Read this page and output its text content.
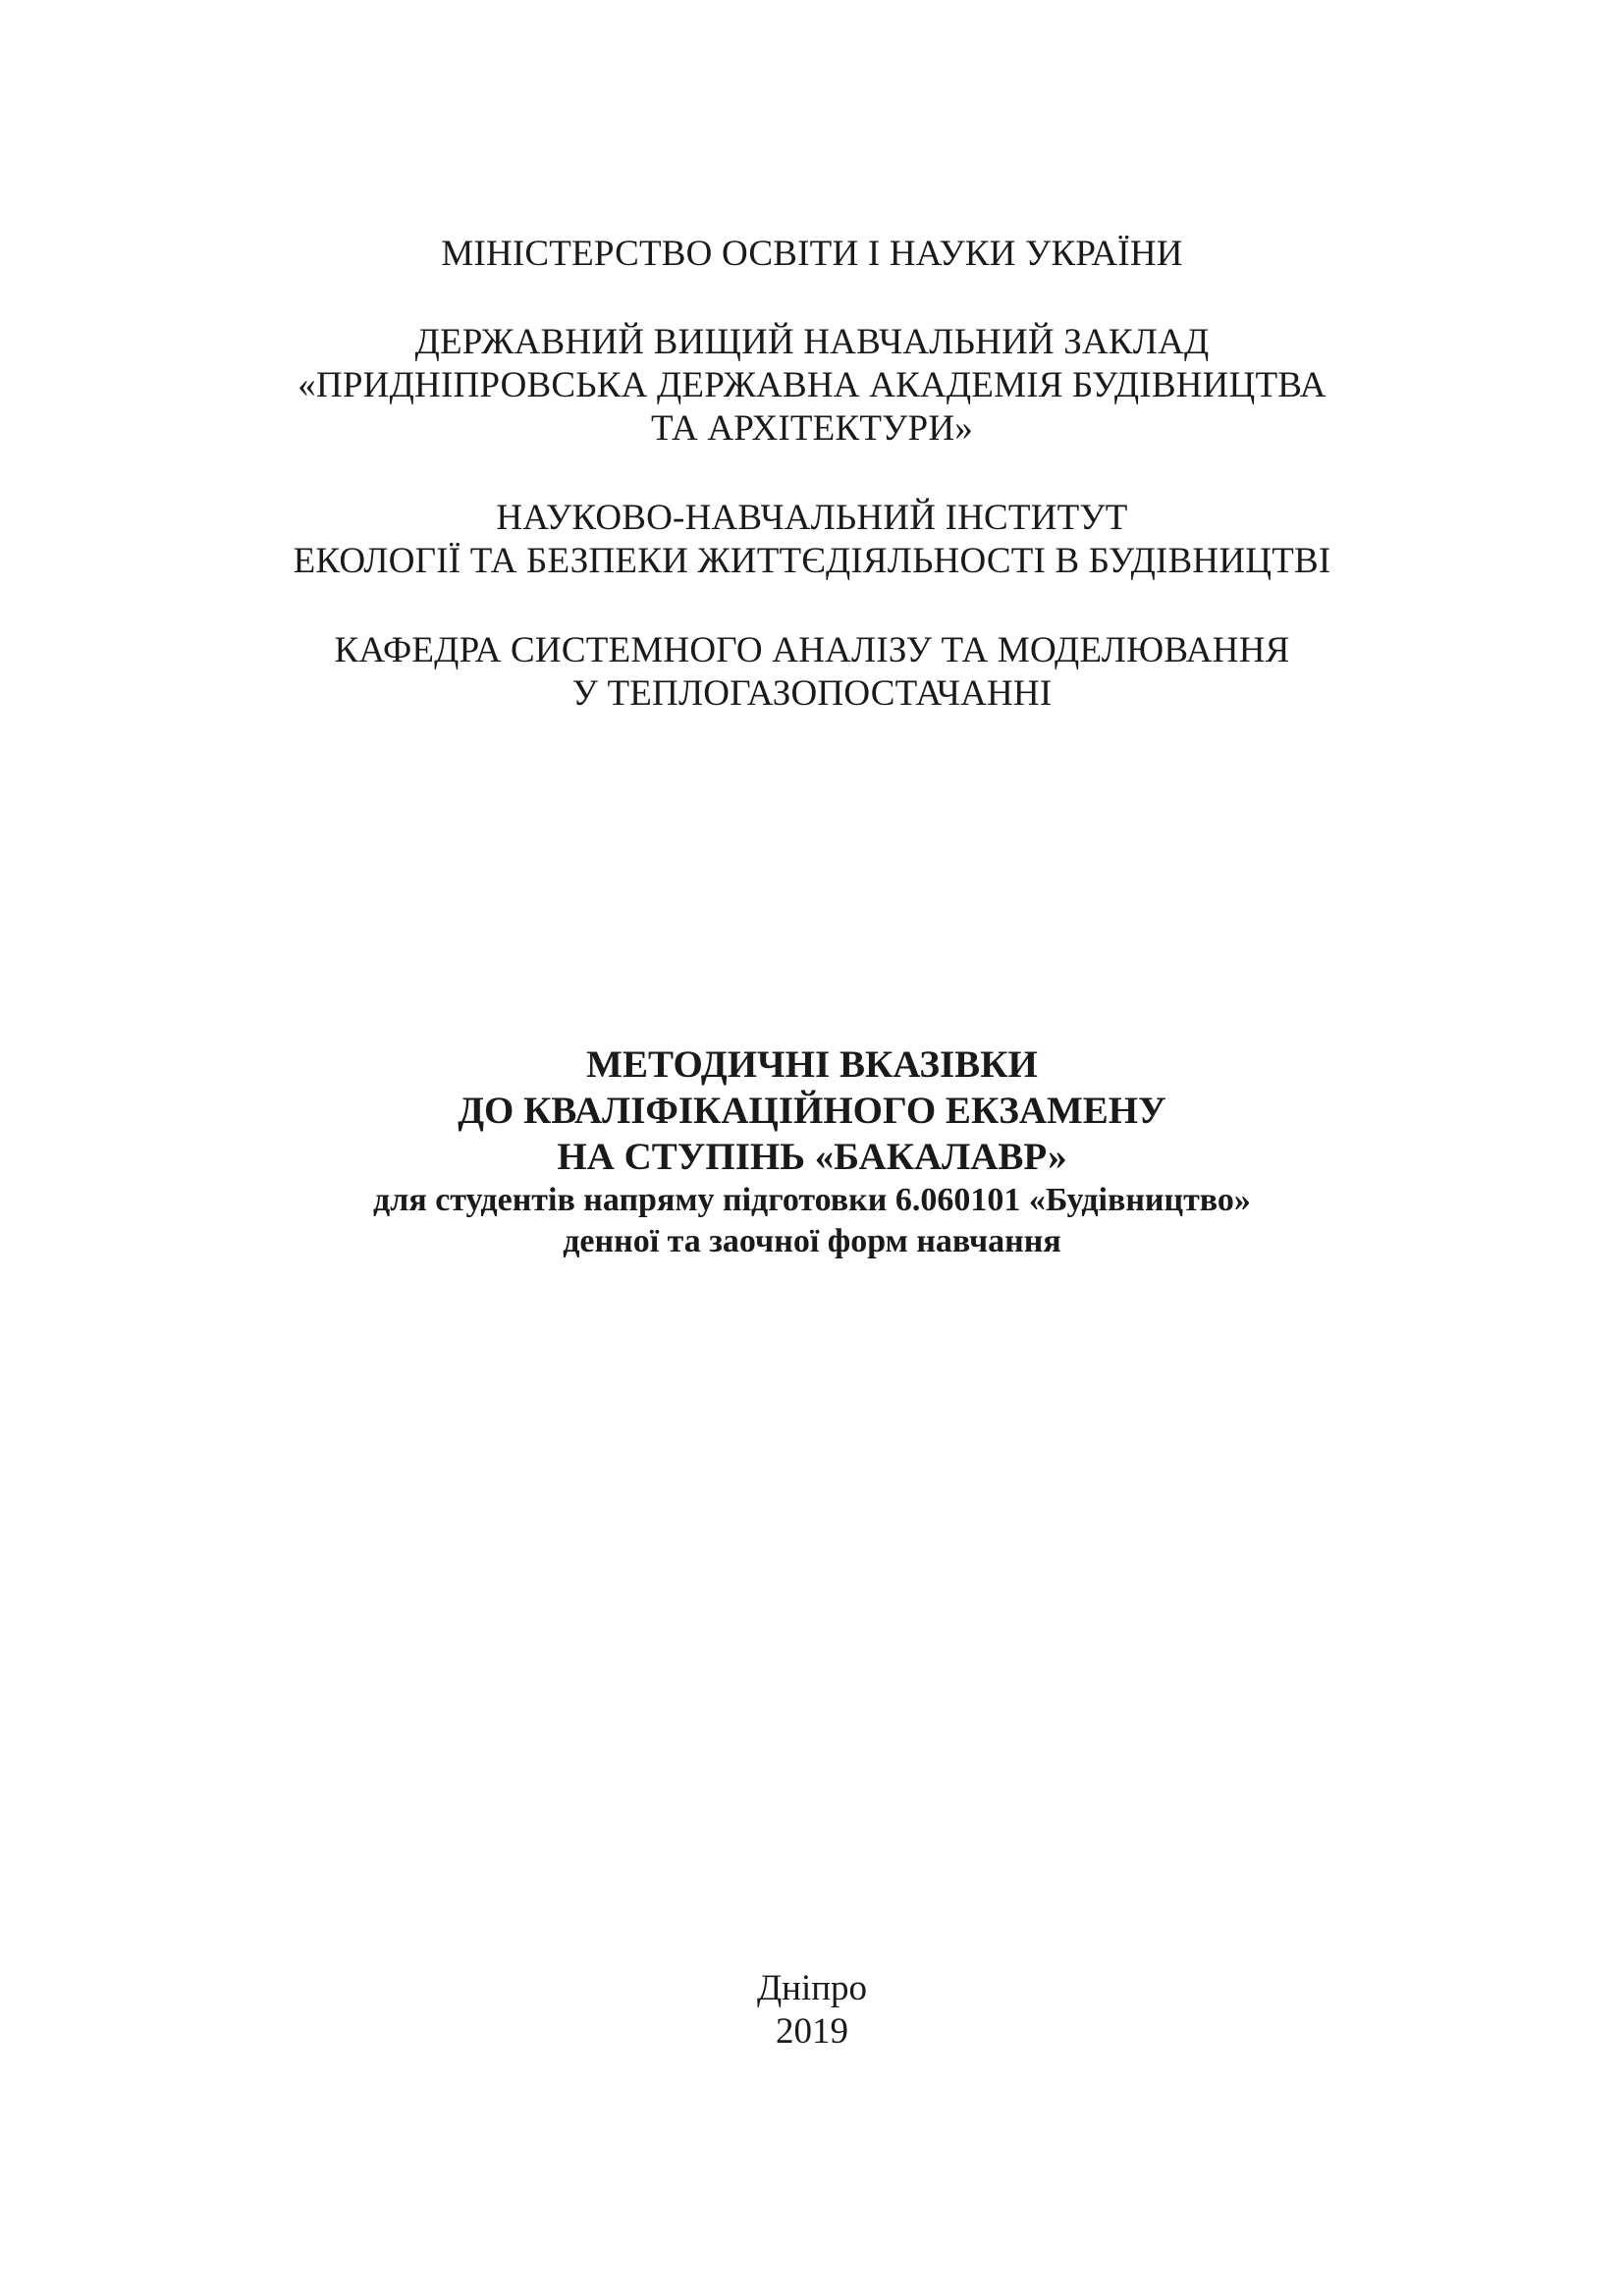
МІНІСТЕРСТВО ОСВІТИ І НАУКИ УКРАЇНИ
ДЕРЖАВНИЙ ВИЩИЙ НАВЧАЛЬНИЙ ЗАКЛАД
«ПРИДНІПРОВСЬКА ДЕРЖАВНА АКАДЕМІЯ БУДІВНИЦТВА
ТА АРХІТЕКТУРИ»
НАУКОВО-НАВЧАЛЬНИЙ ІНСТИТУТ
ЕКОЛОГІЇ ТА БЕЗПЕКИ ЖИТТЄДІЯЛЬНОСТІ В БУДІВНИЦТВІ
КАФЕДРА СИСТЕМНОГО АНАЛІЗУ ТА МОДЕЛЮВАННЯ
У ТЕПЛОГАЗОПОСТАЧАННІ
МЕТОДИЧНІ ВКАЗІВКИ
ДО КВАЛІФІКАЦІЙНОГО ЕКЗАМЕНУ
НА СТУПІНЬ «БАКАЛАВР»
для студентів напряму підготовки 6.060101 «Будівництво»
денної та заочної форм навчання
Дніпро
2019
